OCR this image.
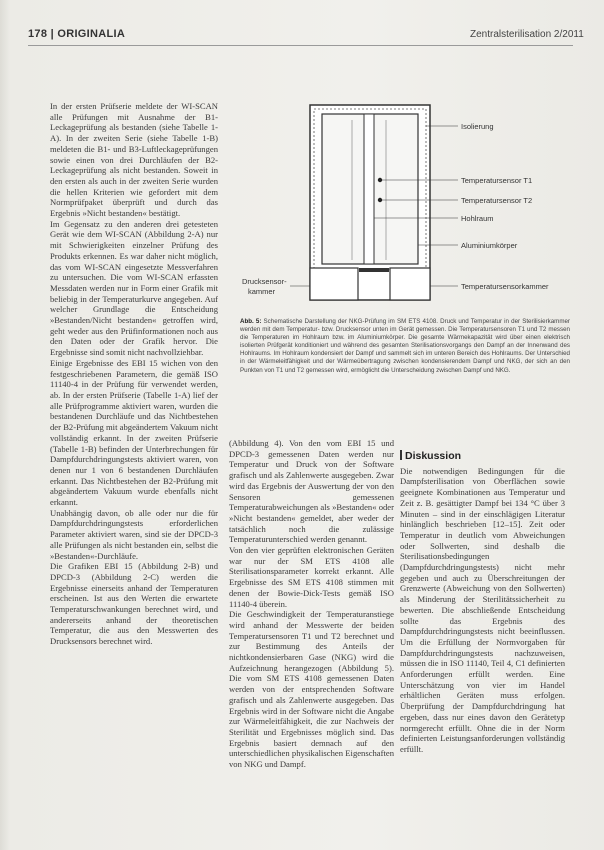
178 | ORIGINALIA	Zentralsterilisation 2/2011

In der ersten Prüfserie meldete der WI-SCAN alle Prüfungen mit Ausnahme der B1-Leckageprüfung als bestanden (siehe Tabelle 1-A). In der zweiten Serie (siehe Tabelle 1-B) meldeten die B1- und B3-Luftleckageprüfungen sowie einen von drei Durchläufen der B2-Leckageprüfung als nicht bestanden. Soweit in den ersten als auch in der zweiten Serie wurden die hellen Kriterien wie gefordert mit dem Normprüfpaket überprüft und durch das Ergebnis »Nicht bestanden« bestätigt.

Im Gegensatz zu den anderen drei getesteten Gerät wie dem WI-SCAN (Abbildung 2-A) nur mit Schwierigkeiten einzelner Prüfung des Produkts erkennen. Es war daher nicht möglich, das vom WI-SCAN eingesetzte Messverfahren zu untersuchen. Die vom WI-SCAN erfassten Messdaten werden nur in Form einer Grafik mit beliebig in der Temperaturkurve angegeben. Auf welcher Grundlage die Entscheidung »Bestanden/Nicht bestanden« getroffen wird, geht weder aus den Prüfinformationen noch aus den Daten oder der Grafik hervor. Die Ergebnisse sind somit nicht nachvollziehbar.

Einige Ergebnisse des EBI 15 wichen von den festgeschriebenen Parametern, die gemäß ISO 11140-4 in der Prüfung für verwendet werden, ab. In der ersten Prüfserie (Tabelle 1-A) lief der alle Prüfprogramme aktiviert waren, wurden die bestandenen Durchläufe und das Nichtbestehen der B2-Prüfung mit abgeändertem Vakuum nicht vollständig erkannt. In der zweiten Prüfserie (Tabelle 1-B) befinden der Unterbrechungen für Dampfdurchdringungstests aktiviert waren, von denen nur 1 von 6 bestandenen Durchläufen erkannt. Das Nichtbestehen der B2-Prüfung mit abgeändertem Vakuum wurde ebenfalls nicht erkannt.

Unabhängig davon, ob alle oder nur die für Dampfdurchdringungstests erforderlichen Parameter aktiviert waren, sind sie der DPCD-3 alle Prüfungen als nicht bestanden ein, selbst die »Bestanden«-Durchläufe.

Die Grafiken EBI 15 (Abbildung 2-B) und DPCD-3 (Abbildung 2-C) werden die Ergebnisse einerseits anhand der Temperaturen erscheinen. Ist aus den Werten die erwartete Temperaturschwankungen berechnet wird, und andererseits anhand der theoretischen Temperatur, die aus den Messwerten des Drucksensors berechnet wird.

Isolierung
Temperatursensor T1
Temperatursensor T2
Hohlraum
Aluminiumkörper
Temperatursensorkammer
Drucksensor-
kammer
Abb. 5: Schematische Darstellung der NKG-Prüfung im SM ETS 4108. Druck und Temperatur in der Sterilisierkammer werden mit dem Temperatur- bzw. Drucksensor unten im Gerät gemessen. Die Temperatursensoren T1 und T2 messen die Temperaturen im Hohlraum bzw. im Aluminiumkörper. Die gesamte Wärmekapazität wird über einen elektrisch isolierten Prüfgerät konditioniert und während des gesamten Sterilisationsvorgangs den Dampf an der Innenwand des Hohlraums. Im Hohlraum kondensiert der Dampf und sammelt sich im unteren Bereich des Hohlraums. Der Unterschied in der Wärmeleitfähigkeit und der Wärmeübertragung zwischen kondensierendem Dampf und NKG, der sich an den Punkten von T1 und T2 gemessen wird, ermöglicht die Unterscheidung zwischen Dampf und NKG.

(Abbildung 4). Von den vom EBI 15 und DPCD-3 gemessenen Daten werden nur Temperatur und Druck von der Software grafisch und als Zahlenwerte ausgegeben. Zwar wird das Ergebnis der Auswertung der von den Sensoren gemessenen Temperaturabweichungen als »Bestanden« oder »Nicht bestanden« gemeldet, aber weder der tatsächlich noch die zulässige Temperaturunterschied werden genannt.

Von den vier geprüften elektronischen Geräten war nur der SM ETS 4108 alle Sterilisationsparameter korrekt erkannt. Alle Ergebnisse des SM ETS 4108 stimmen mit denen der Bowie-Dick-Tests gemäß ISO 11140-4 überein.

Die Geschwindigkeit der Temperaturanstiege wird anhand der Messwerte der beiden Temperatursensoren T1 und T2 berechnet und zur Bestimmung des Anteils der nichtkondensierbaren Gase (NKG) wird die Aufzeichnung herangezogen (Abbildung 5). Die vom SM ETS 4108 gemessenen Daten werden von der entsprechenden Software grafisch und als Zahlenwerte ausgegeben. Das Ergebnis wird in der Software nicht die Angabe zur Wärmeleitfähigkeit, die zur Nachweis der Sterilität und Ergebnisses möglich sind. Das Ergebnis basiert demnach auf den unterschiedlichen physikalischen Eigenschaften von NKG und Dampf.

Diskussion

Die notwendigen Bedingungen für die Dampfsterilisation von Oberflächen sowie geeignete Kombinationen aus Temperatur und Zeit z. B. gesättigter Dampf bei 134 °C über 3 Minuten – sind in der einschlägigen Literatur hinlänglich beschrieben [12–15]. Zeit oder Temperatur in deutlich vom Abweichungen oder Sollwerten, sind deshalb die Sterilisationsbedingungen (Dampfdurchdringungstests) nicht mehr gegeben und auch zu Überschreitungen der Grenzwerte (Abweichung von den Sollwerten) als Minderung der Sterilitätssicherheit zu bewerten. Die abschließende Entscheidung sollte das Ergebnis des Dampfdurchdringungstests nicht beeinflussen. Um die Erfüllung der Normvorgaben für Dampfdurchdringungstests nachzuweisen, müssen die in ISO 11140, Teil 4, C1 definierten Anforderungen erfüllt werden. Eine Unterschätzung von vier im Handel erhältlichen Geräten muss erfolgen. Überprüfung der Dampfdurchdringung hat ergeben, dass nur eines davon den Gerätetyp normgerecht erfüllt. Ohne die in der Norm definierten Leistungsanforderungen vollständig erfüllt.
